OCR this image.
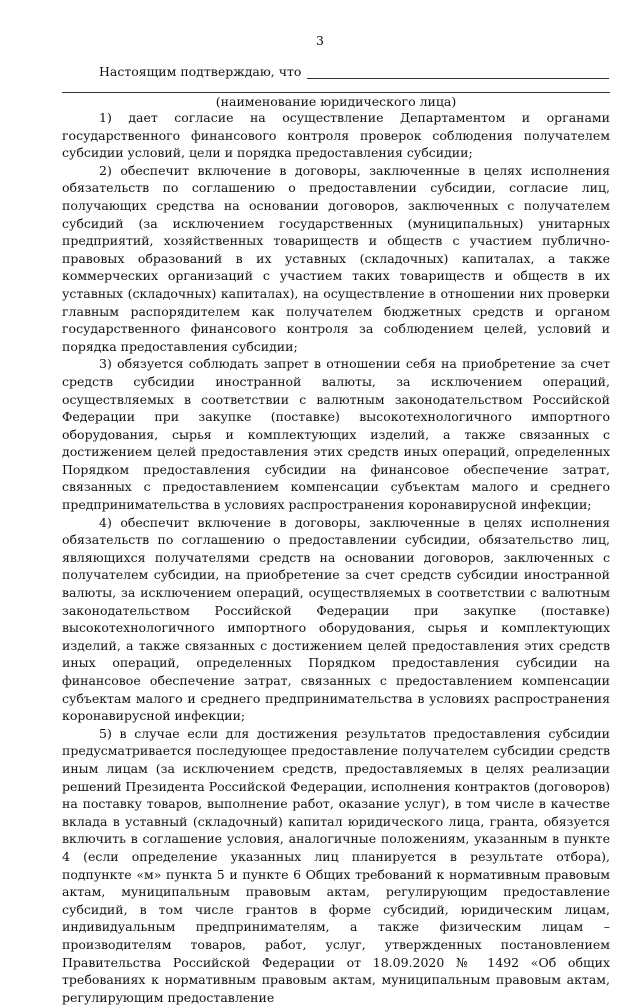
3
Настоящим подтверждаю, что
(наименование юридического лица)

1) дает согласие на осуществление Департаментом и органами государственного финансового контроля проверок соблюдения получателем субсидии условий, цели и порядка предоставления субсидии;

2) обеспечит включение в договоры, заключенные в целях исполнения обязательств по соглашению о предоставлении субсидии, согласие лиц, получающих средства на основании договоров, заключенных с получателем субсидий (за исключением государственных (муниципальных) унитарных предприятий, хозяйственных товариществ и обществ с участием публично-правовых образований в их уставных (складочных) капиталах, а также коммерческих организаций с участием таких товариществ и обществ в их уставных (складочных) капиталах), на осуществление в отношении них проверки главным распорядителем как получателем бюджетных средств и органом государственного финансового контроля за соблюдением целей, условий и порядка предоставления субсидии;

3) обязуется соблюдать запрет в отношении себя на приобретение за счет средств субсидии иностранной валюты, за исключением операций, осуществляемых в соответствии с валютным законодательством Российской Федерации при закупке (поставке) высокотехнологичного импортного оборудования, сырья и комплектующих изделий, а также связанных с достижением целей предоставления этих средств иных операций, определенных Порядком предоставления субсидии на финансовое обеспечение затрат, связанных с предоставлением компенсации субъектам малого и среднего предпринимательства в условиях распространения коронавирусной инфекции;

4) обеспечит включение в договоры, заключенные в целях исполнения обязательств по соглашению о предоставлении субсидии, обязательство лиц, являющихся получателями средств на основании договоров, заключенных с получателем субсидии, на приобретение за счет средств субсидии иностранной валюты, за исключением операций, осуществляемых в соответствии с валютным законодательством Российской Федерации при закупке (поставке) высокотехнологичного импортного оборудования, сырья и комплектующих изделий, а также связанных с достижением целей предоставления этих средств иных операций, определенных Порядком предоставления субсидии на финансовое обеспечение затрат, связанных с предоставлением компенсации субъектам малого и среднего предпринимательства в условиях распространения коронавирусной инфекции;

5) в случае если для достижения результатов предоставления субсидии предусматривается последующее предоставление получателем субсидии средств иным лицам (за исключением средств, предоставляемых в целях реализации решений Президента Российской Федерации, исполнения контрактов (договоров) на поставку товаров, выполнение работ, оказание услуг), в том числе в качестве вклада в уставный (складочный) капитал юридического лица, гранта, обязуется включить в соглашение условия, аналогичные положениям, указанным в пункте 4 (если определение указанных лиц планируется в результате отбора), подпункте «м» пункта 5 и пункте 6 Общих требований к нормативным правовым актам, муниципальным правовым актам, регулирующим предоставление субсидий, в том числе грантов в форме субсидий, юридическим лицам, индивидуальным предпринимателям, а также физическим лицам – производителям товаров, работ, услуг, утвержденных постановлением Правительства Российской Федерации от 18.09.2020 № 1492 «Об общих требованиях к нормативным правовым актам, муниципальным правовым актам, регулирующим предоставление
